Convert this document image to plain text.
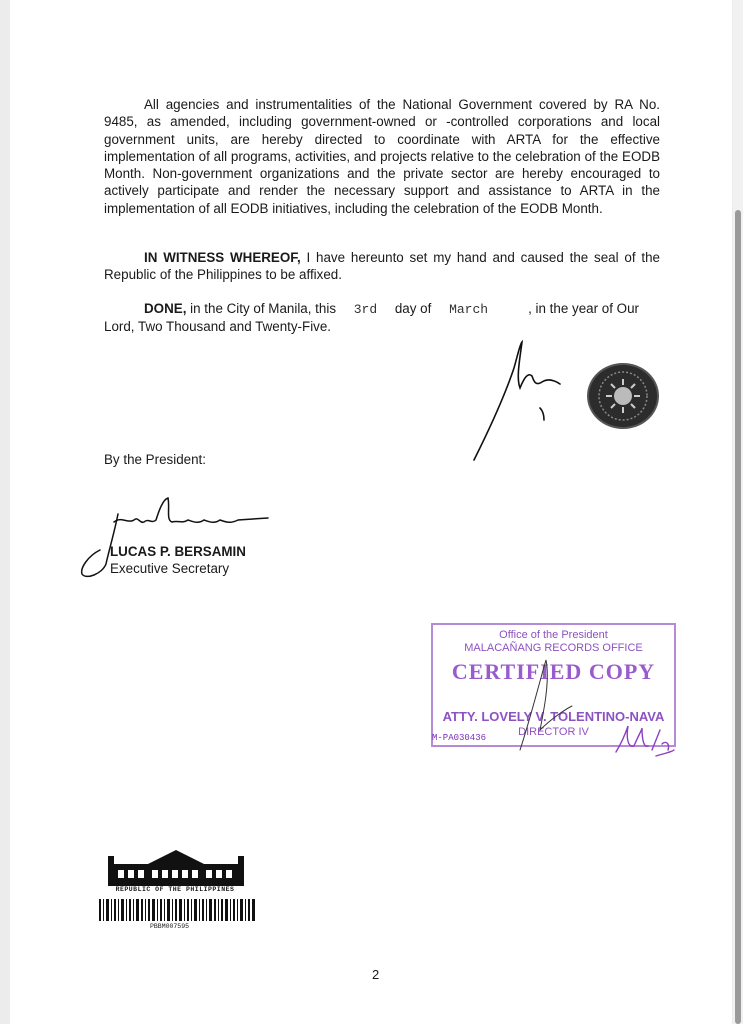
All agencies and instrumentalities of the National Government covered by RA No. 9485, as amended, including government-owned or -controlled corporations and local government units, are hereby directed to coordinate with ARTA for the effective implementation of all programs, activities, and projects relative to the celebration of the EODB Month. Non-government organizations and the private sector are hereby encouraged to actively participate and render the necessary support and assistance to ARTA in the implementation of all EODB initiatives, including the celebration of the EODB Month.
IN WITNESS WHEREOF, I have hereunto set my hand and caused the seal of the Republic of the Philippines to be affixed.
DONE, in the City of Manila, this 3rd day of March	, in the year of Our Lord, Two Thousand and Twenty-Five.
By the President:
LUCAS P. BERSAMIN
Executive Secretary
Office of the President
MALACAÑANG RECORDS OFFICE
CERTIFIED COPY
ATTY. LOVELY V. TOLENTINO-NAVA
DIRECTOR IV
M-PA030436
REPUBLIC OF THE PHILIPPINES
PBBM007595
2
